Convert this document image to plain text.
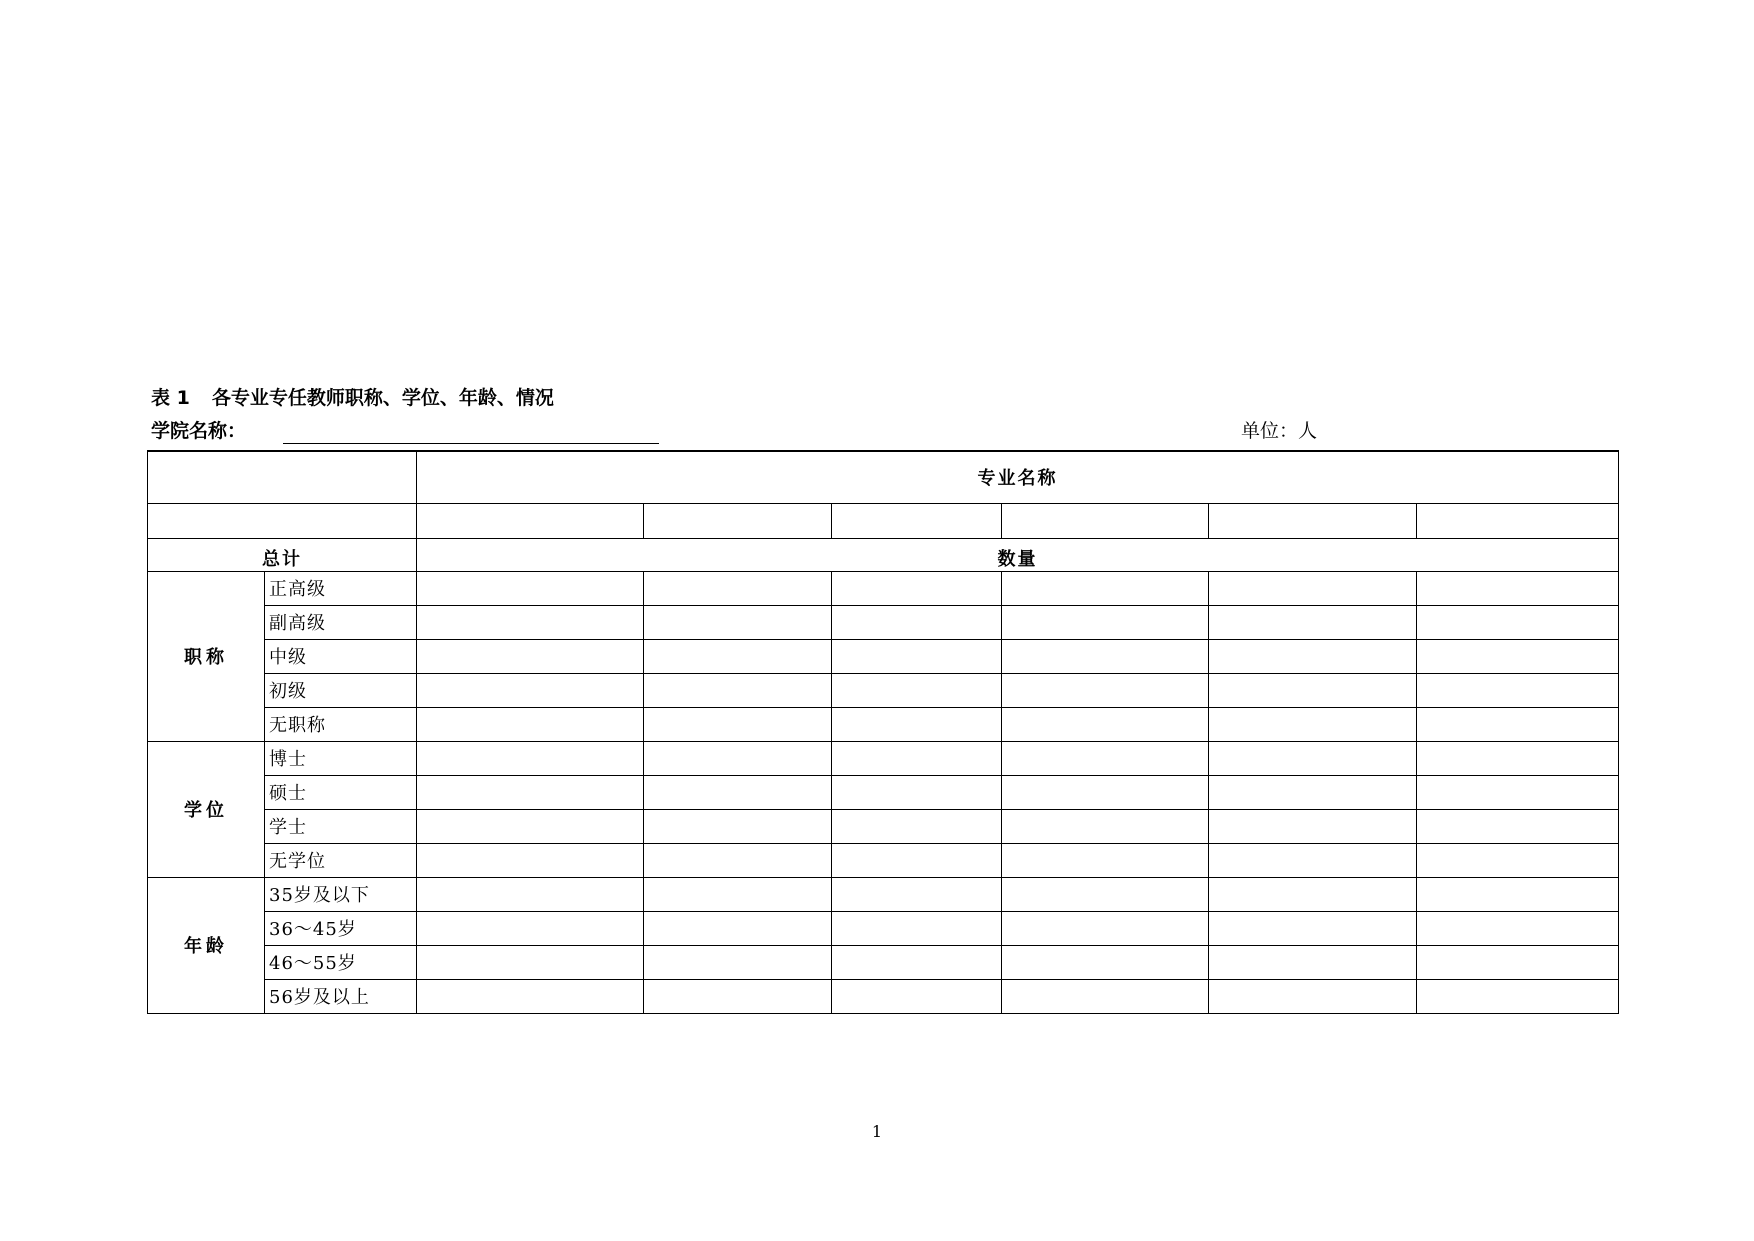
表 1 各专业专任教师职称、学位、年龄、情况
学院名称：	单位：人
		专业名称					

总计		数量					
职称	正高级						
	副高级						
	中级						
	初级						
	无职称						
学位	博士						
	硕士						
	学士						
	无学位						
年龄	35岁及以下						
	36～45岁						
	46～55岁						
	56岁及以上						
1
